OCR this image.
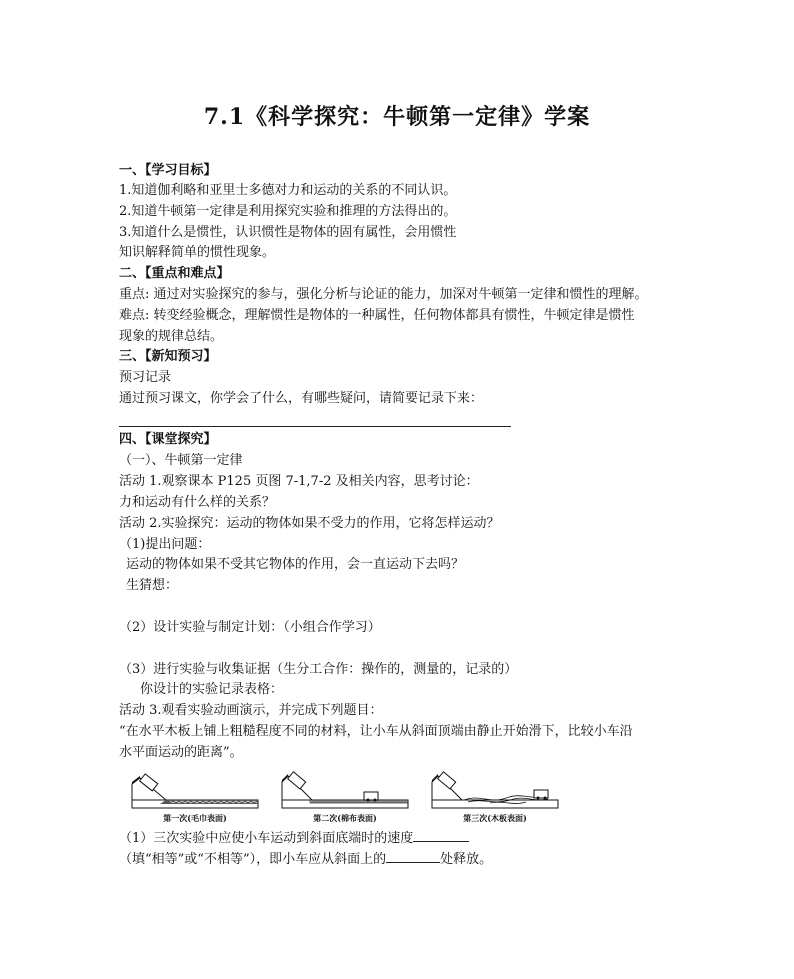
7.1《科学探究：牛顿第一定律》学案
一、【学习目标】
1.知道伽利略和亚里士多德对力和运动的关系的不同认识。
2.知道牛顿第一定律是利用探究实验和推理的方法得出的。
3.知道什么是惯性，认识惯性是物体的固有属性，会用惯性
知识解释简单的惯性现象。
二、【重点和难点】
重点: 通过对实验探究的参与，强化分析与论证的能力，加深对牛顿第一定律和惯性的理解。
难点: 转变经验概念，理解惯性是物体的一种属性，任何物体都具有惯性，牛顿定律是惯性
现象的规律总结。
三、【新知预习】
预习记录
通过预习课文，你学会了什么，有哪些疑问，请简要记录下来：
四、【课堂探究】
（一）、牛顿第一定律
活动 1.观察课本 P125 页图 7-1,7-2 及相关内容，思考讨论：
力和运动有什么样的关系？
活动 2.实验探究：运动的物体如果不受力的作用，它将怎样运动？
（1)提出问题：
运动的物体如果不受其它物体的作用，会一直运动下去吗？
生猜想：
（2）设计实验与制定计划：（小组合作学习）
（3）进行实验与收集证据（生分工合作：操作的，测量的，记录的）
你设计的实验记录表格：
活动 3.观看实验动画演示，并完成下列题目：
“在水平木板上铺上粗糙程度不同的材料，让小车从斜面顶端由静止开始滑下，比较小车沿
水平面运动的距离”。
第一次(毛巾表面)	第二次(棉布表面)	第三次(木板表面)
（1）三次实验中应使小车运动到斜面底端时的速度
（填“相等”或“不相等”），即小车应从斜面上的	处释放。
